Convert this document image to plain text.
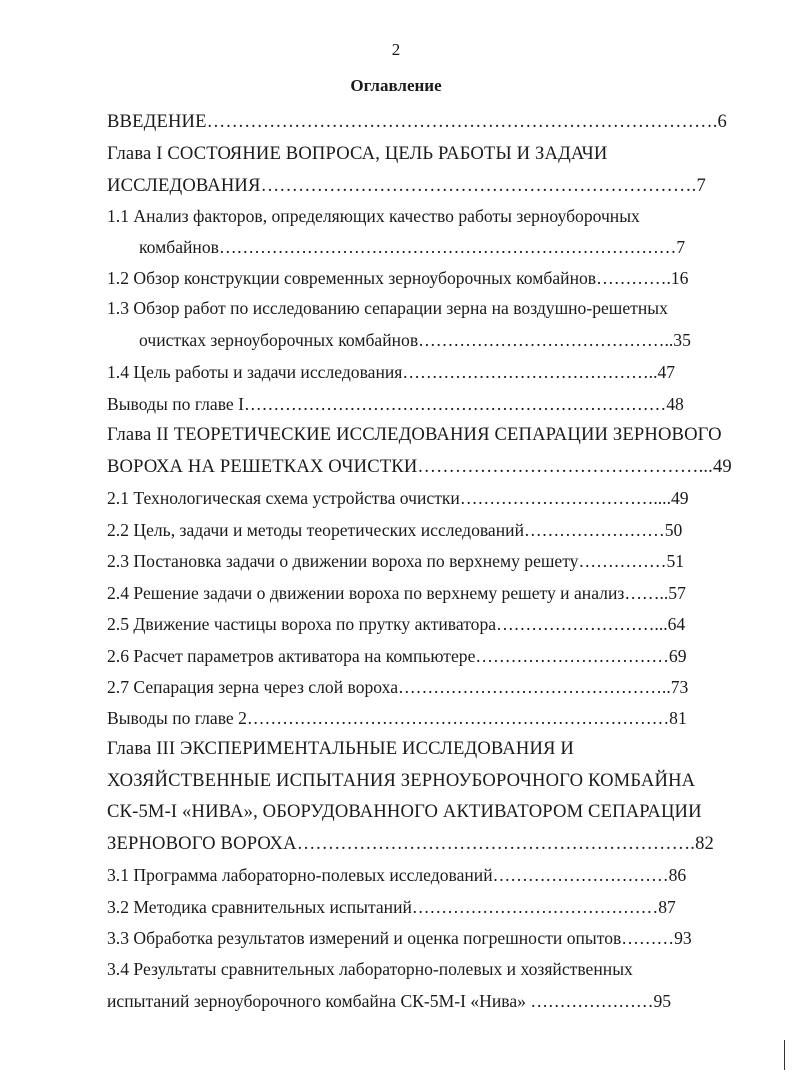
2
Оглавление
ВВЕДЕНИЕ……………………………………………………………………….6
Глава I СОСТОЯНИЕ ВОПРОСА, ЦЕЛЬ РАБОТЫ И ЗАДАЧИ
ИССЛЕДОВАНИЯ…………………………………………………………….7
1.1 Анализ факторов, определяющих качество работы зерноуборочных
комбайнов……………………………………………………………………7
1.2 Обзор конструкции современных зерноуборочных комбайнов………….16
1.3 Обзор работ по исследованию сепарации зерна на воздушно-решетных
очистках зерноуборочных комбайнов……………………………………..35
1.4 Цель работы и задачи исследования……………………………………..47
Выводы по главе I………………………………………………………………48
Глава II ТЕОРЕТИЧЕСКИЕ ИССЛЕДОВАНИЯ СЕПАРАЦИИ ЗЕРНОВОГО
ВОРОХА НА РЕШЕТКАХ ОЧИСТКИ………………………………………...49
2.1 Технологическая схема устройства очистки……………………………....49
2.2 Цель, задачи и методы теоретических исследований……………………50
2.3 Постановка задачи о движении вороха по верхнему решету……………51
2.4 Решение задачи о движении вороха по верхнему решету и анализ……..57
2.5 Движение частицы вороха по прутку активатора………………………...64
2.6 Расчет параметров активатора на компьютере……………………………69
2.7 Сепарация зерна через слой вороха………………………………………..73
Выводы по главе 2………………………………………………………………81
Глава III ЭКСПЕРИМЕНТАЛЬНЫЕ ИССЛЕДОВАНИЯ И
ХОЗЯЙСТВЕННЫЕ ИСПЫТАНИЯ ЗЕРНОУБОРОЧНОГО КОМБАЙНА
СК-5М-I «НИВА», ОБОРУДОВАННОГО АКТИВАТОРОМ СЕПАРАЦИИ
ЗЕРНОВОГО ВОРОХА……………………………………………………….82
3.1 Программа лабораторно-полевых исследований…………………………86
3.2 Методика сравнительных испытаний……………………………………87
3.3 Обработка результатов измерений и оценка погрешности опытов………93
3.4 Результаты сравнительных лабораторно-полевых и хозяйственных
испытаний зерноуборочного комбайна СК-5М-I «Нива» …………………95
